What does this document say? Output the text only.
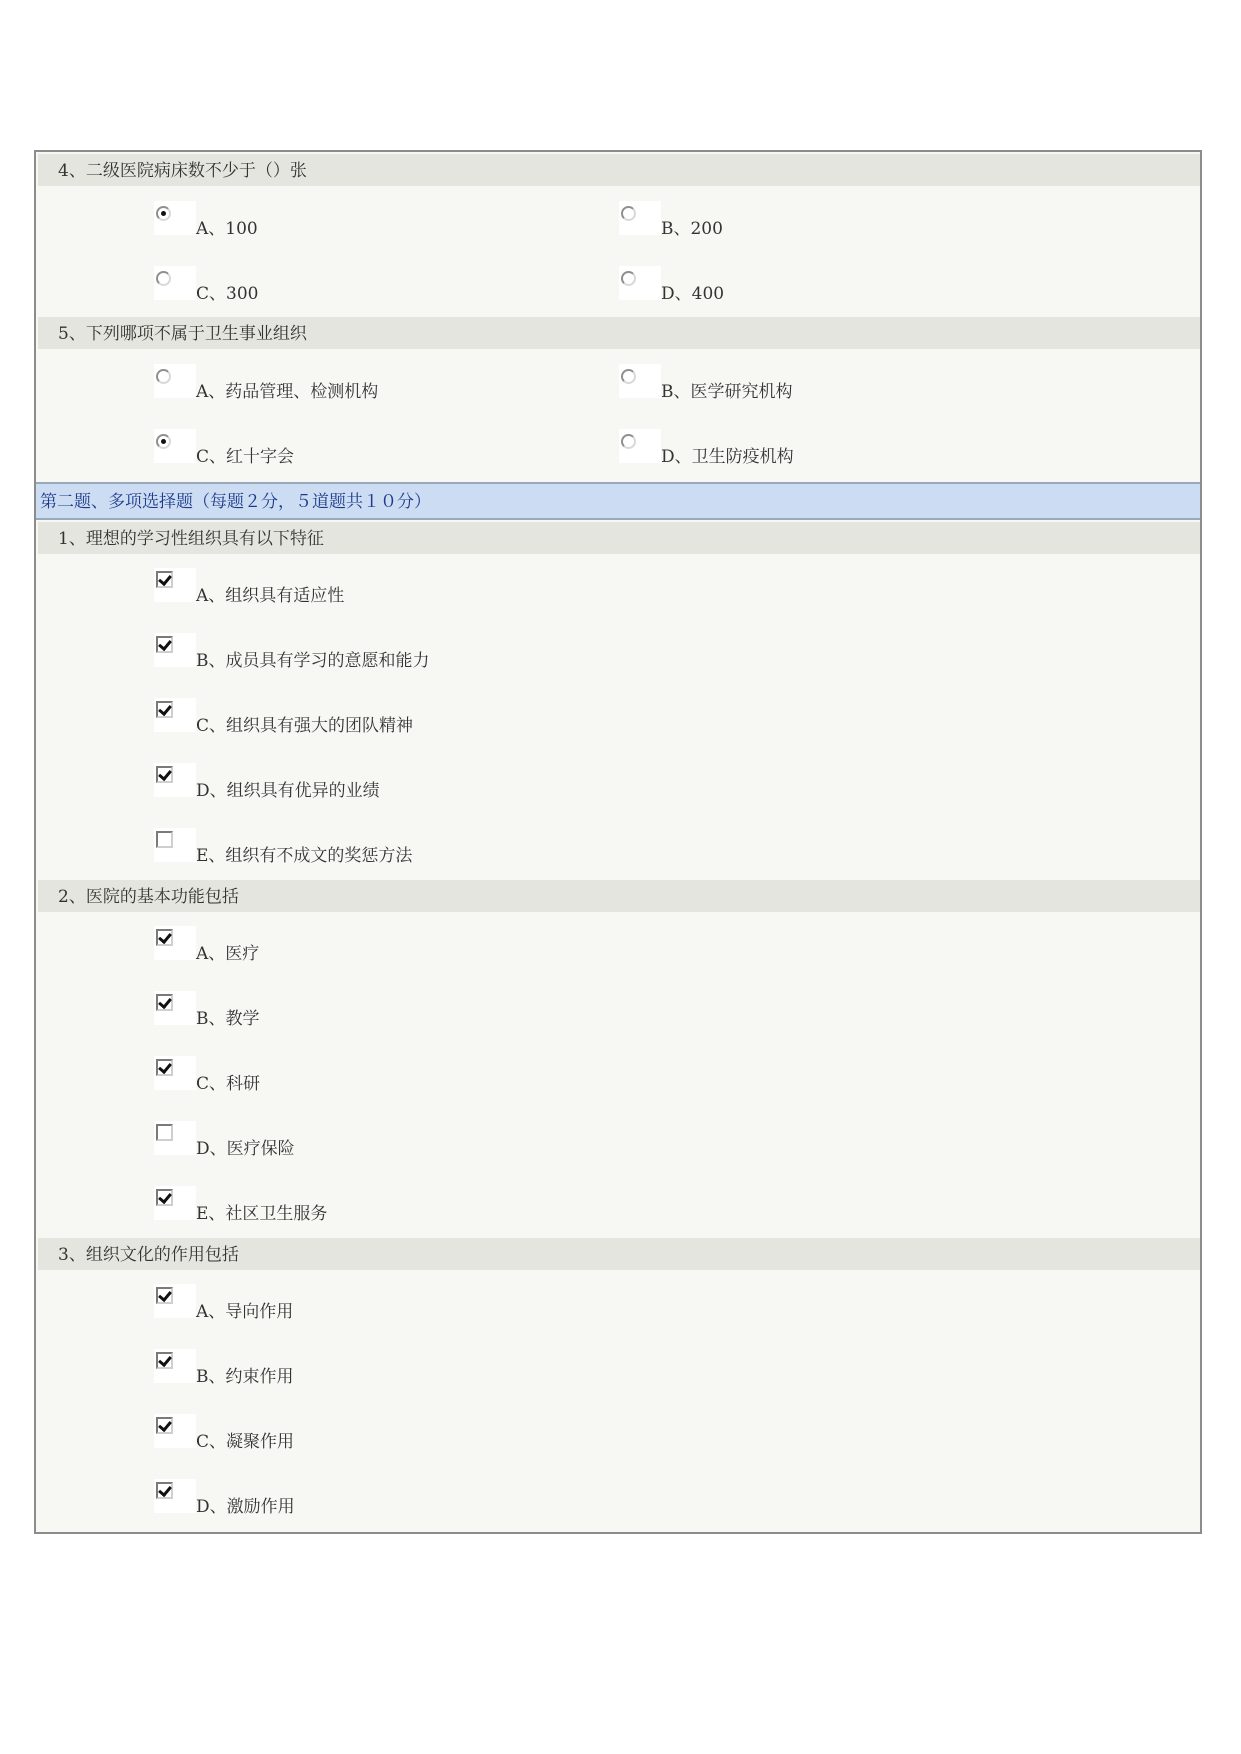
4、二级医院病床数不少于（）张
A、100	B、200
C、300	D、400
5、下列哪项不属于卫生事业组织
A、药品管理、检测机构	B、医学研究机构
C、红十字会	D、卫生防疫机构
第二题、多项选择题（每题２分，５道题共１０分）
1、理想的学习性组织具有以下特征
A、组织具有适应性
B、成员具有学习的意愿和能力
C、组织具有强大的团队精神
D、组织具有优异的业绩
E、组织有不成文的奖惩方法
2、医院的基本功能包括
A、医疗
B、教学
C、科研
D、医疗保险
E、社区卫生服务
3、组织文化的作用包括
A、导向作用
B、约束作用
C、凝聚作用
D、激励作用
